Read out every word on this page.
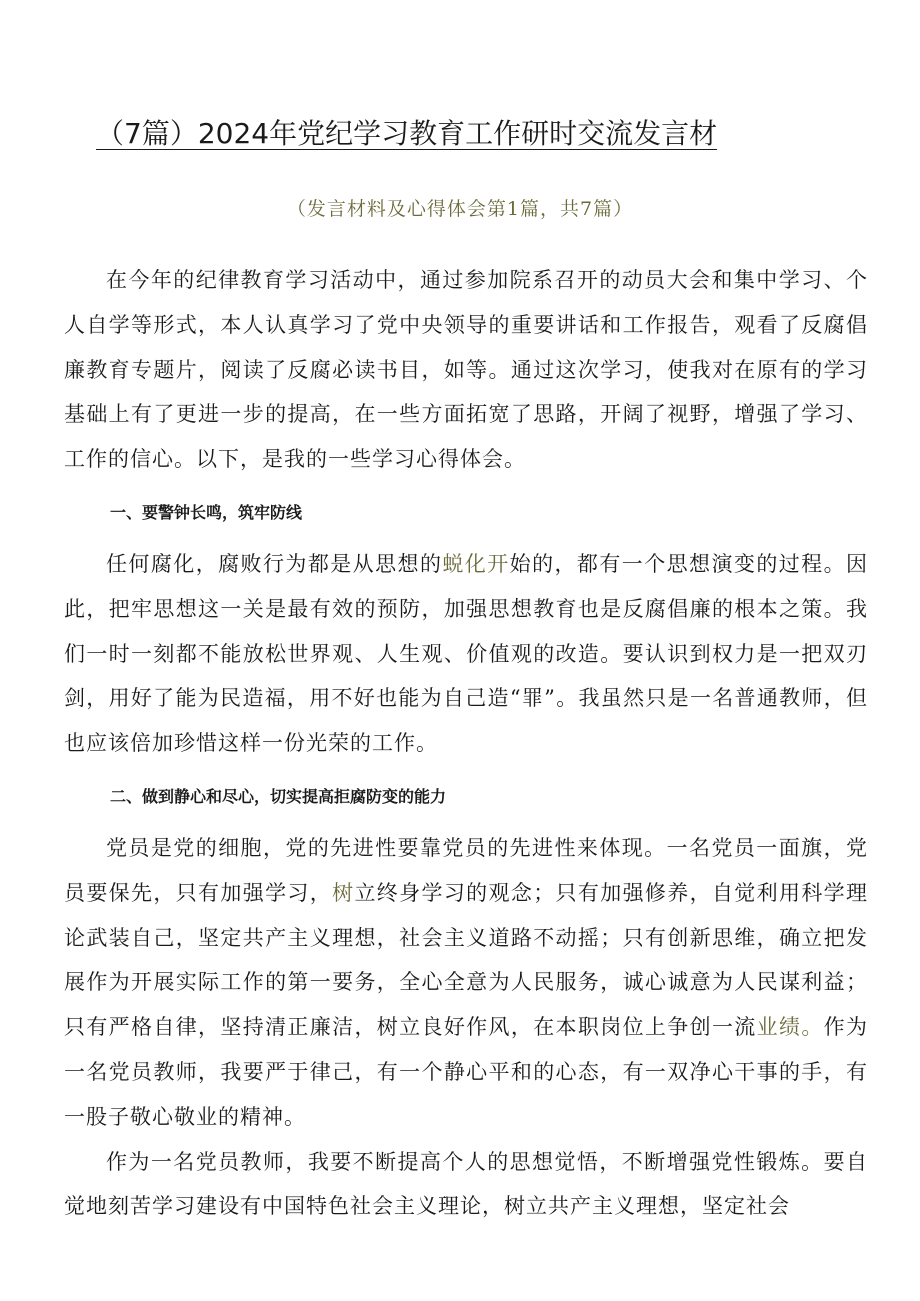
（7篇）2024年党纪学习教育工作研时交流发言材
（发言材料及心得体会第1篇，共7篇）

在今年的纪律教育学习活动中，通过参加院系召开的动员大会和集中学习、个人自学等形式，本人认真学习了党中央领导的重要讲话和工作报告，观看了反腐倡廉教育专题片，阅读了反腐必读书目，如等。通过这次学习，使我对在原有的学习基础上有了更进一步的提高，在一些方面拓宽了思路，开阔了视野，增强了学习、工作的信心。以下，是我的一些学习心得体会。

一、要警钟长鸣，筑牢防线

任何腐化，腐败行为都是从思想的蜕化开始的，都有一个思想演变的过程。因此，把牢思想这一关是最有效的预防，加强思想教育也是反腐倡廉的根本之策。我们一时一刻都不能放松世界观、人生观、价值观的改造。要认识到权力是一把双刃剑，用好了能为民造福，用不好也能为自己造“罪”。我虽然只是一名普通教师，但也应该倍加珍惜这样一份光荣的工作。

二、做到静心和尽心，切实提高拒腐防变的能力

党员是党的细胞，党的先进性要靠党员的先进性来体现。一名党员一面旗，党员要保先，只有加强学习，树立终身学习的观念；只有加强修养，自觉利用科学理论武装自己，坚定共产主义理想，社会主义道路不动摇；只有创新思维，确立把发展作为开展实际工作的第一要务，全心全意为人民服务，诚心诚意为人民谋利益；只有严格自律，坚持清正廉洁，树立良好作风，在本职岗位上争创一流业绩。作为一名党员教师，我要严于律己，有一个静心平和的心态，有一双净心干事的手，有一股子敬心敬业的精神。

作为一名党员教师，我要不断提高个人的思想觉悟，不断增强党性锻炼。要自觉地刻苦学习建设有中国特色社会主义理论，树立共产主义理想，坚定社会
